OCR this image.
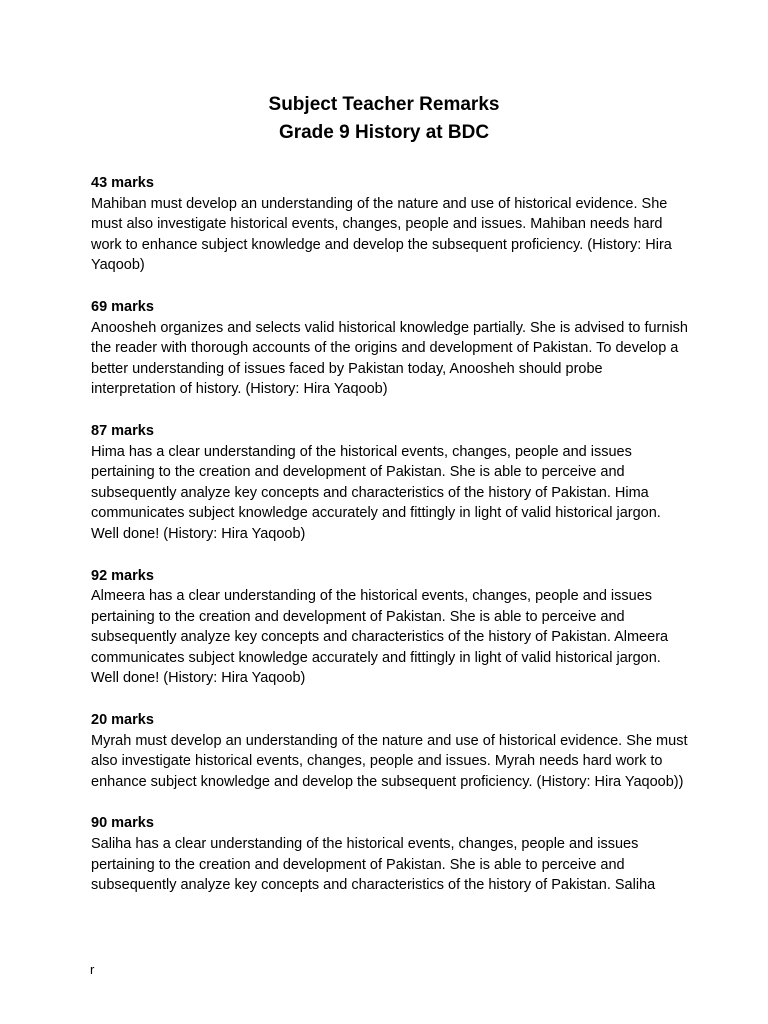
Subject Teacher Remarks
Grade 9 History at BDC
43 marks

Mahiban must develop an understanding of the nature and use of historical evidence. She must also investigate historical events, changes, people and issues. Mahiban needs hard work to enhance subject knowledge and develop the subsequent proficiency. (History: Hira Yaqoob)

69 marks

Anoosheh organizes and selects valid historical knowledge partially. She is advised to furnish the reader with thorough accounts of the origins and development of Pakistan. To develop a better understanding of issues faced by Pakistan today, Anoosheh should probe interpretation of history. (History: Hira Yaqoob)

87 marks

Hima has a clear understanding of the historical events, changes, people and issues pertaining to the creation and development of Pakistan. She is able to perceive and subsequently analyze key concepts and characteristics of the history of Pakistan. Hima communicates subject knowledge accurately and fittingly in light of valid historical jargon. Well done! (History: Hira Yaqoob)

92 marks

Almeera has a clear understanding of the historical events, changes, people and issues pertaining to the creation and development of Pakistan. She is able to perceive and subsequently analyze key concepts and characteristics of the history of Pakistan. Almeera communicates subject knowledge accurately and fittingly in light of valid historical jargon. Well done! (History: Hira Yaqoob)

20 marks

Myrah must develop an understanding of the nature and use of historical evidence. She must also investigate historical events, changes, people and issues. Myrah needs hard work to enhance subject knowledge and develop the subsequent proficiency. (History: Hira Yaqoob))

90 marks

Saliha has a clear understanding of the historical events, changes, people and issues pertaining to the creation and development of Pakistan. She is able to perceive and subsequently analyze key concepts and characteristics of the history of Pakistan. Saliha

r
